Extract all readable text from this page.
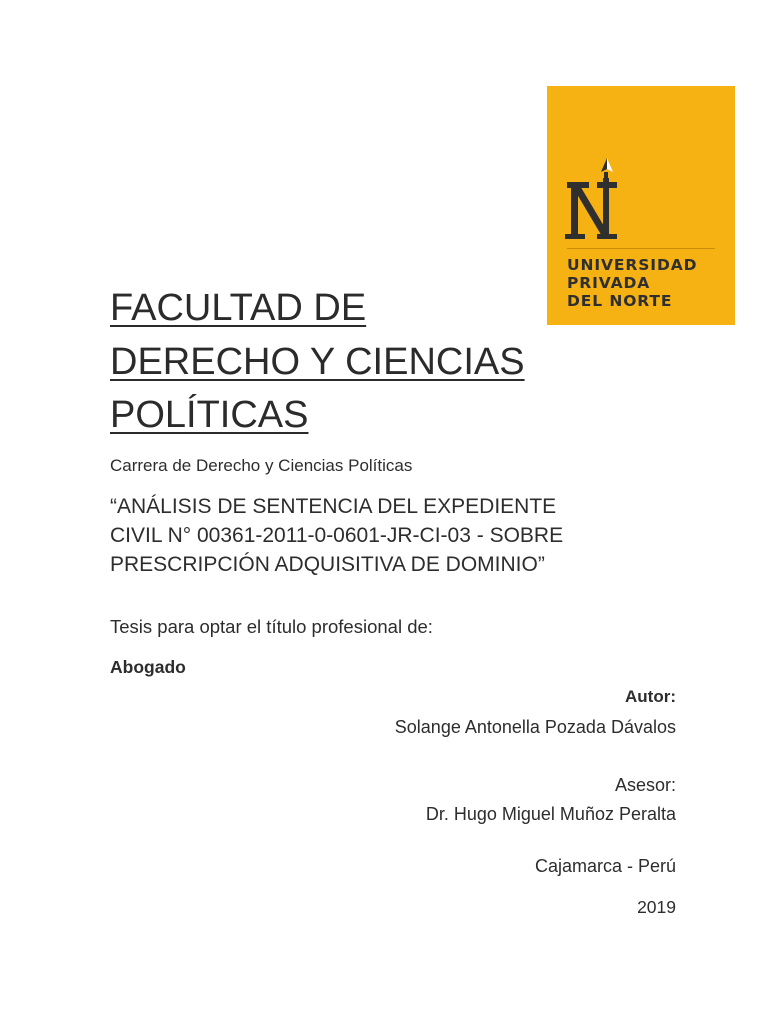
UNIVERSIDAD
PRIVADA
DEL NORTE
FACULTAD DE
DERECHO Y CIENCIAS
POLÍTICAS
Carrera de Derecho y Ciencias Políticas
“ANÁLISIS DE SENTENCIA DEL EXPEDIENTE
CIVIL N° 00361-2011-0-0601-JR-CI-03 - SOBRE
PRESCRIPCIÓN ADQUISITIVA DE DOMINIO”
Tesis para optar el título profesional de:
Abogado
Autor:
Solange Antonella Pozada Dávalos
Asesor:
Dr. Hugo Miguel Muñoz Peralta
Cajamarca - Perú
2019
